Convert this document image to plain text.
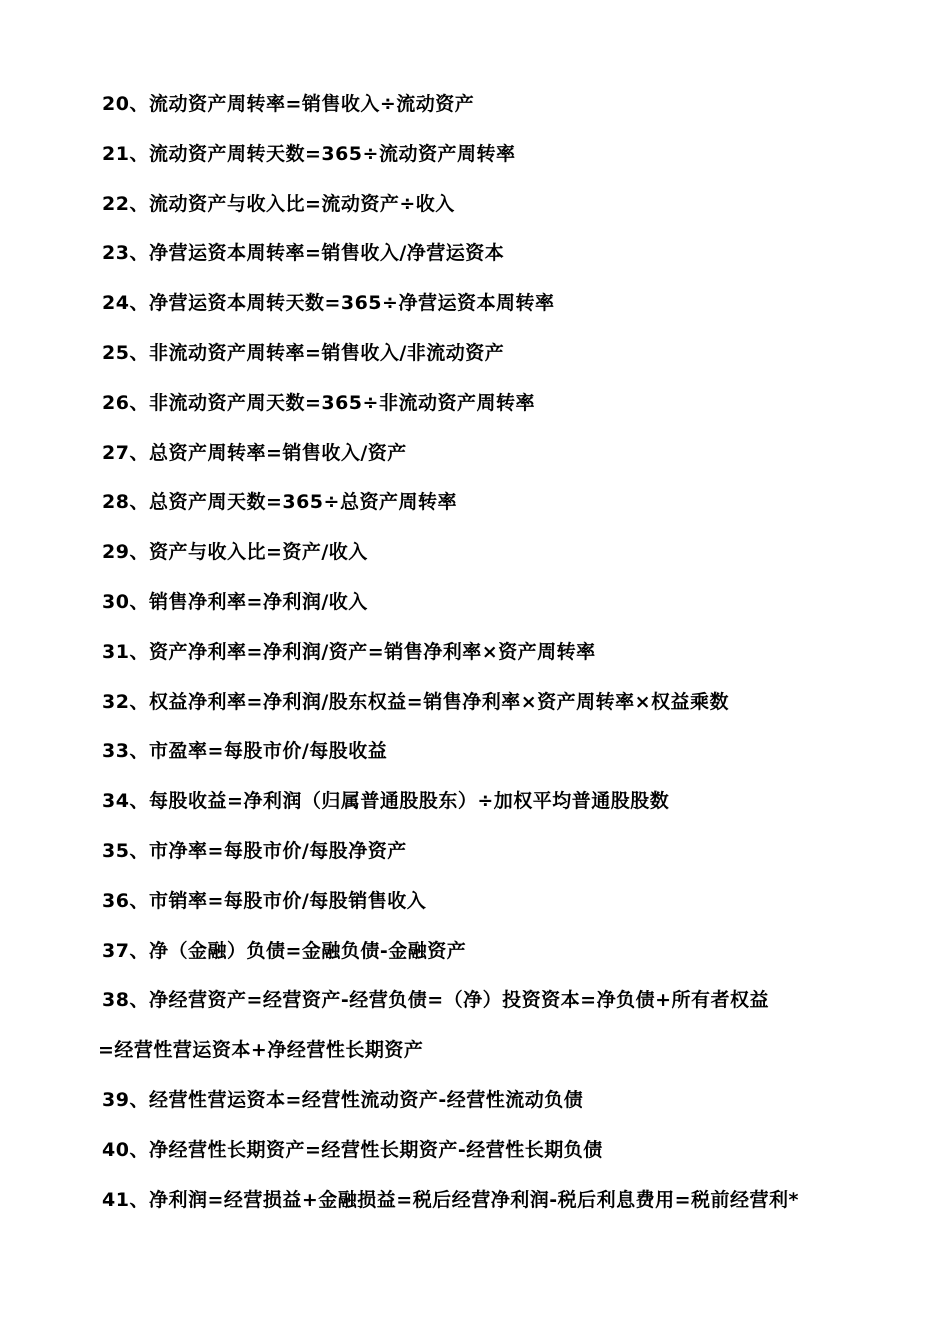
20、流动资产周转率=销售收入÷流动资产
21、流动资产周转天数=365÷流动资产周转率
22、流动资产与收入比=流动资产÷收入
23、净营运资本周转率=销售收入/净营运资本
24、净营运资本周转天数=365÷净营运资本周转率
25、非流动资产周转率=销售收入/非流动资产
26、非流动资产周天数=365÷非流动资产周转率
27、总资产周转率=销售收入/资产
28、总资产周天数=365÷总资产周转率
29、资产与收入比=资产/收入
30、销售净利率=净利润/收入
31、资产净利率=净利润/资产=销售净利率×资产周转率
32、权益净利率=净利润/股东权益=销售净利率×资产周转率×权益乘数
33、市盈率=每股市价/每股收益
34、每股收益=净利润（归属普通股股东）÷加权平均普通股股数
35、市净率=每股市价/每股净资产
36、市销率=每股市价/每股销售收入
37、净（金融）负债=金融负债-金融资产
38、净经营资产=经营资产-经营负债=（净）投资资本=净负债+所有者权益
=经营性营运资本+净经营性长期资产
39、经营性营运资本=经营性流动资产-经营性流动负债
40、净经营性长期资产=经营性长期资产-经营性长期负债
41、净利润=经营损益+金融损益=税后经营净利润-税后利息费用=税前经营利*
